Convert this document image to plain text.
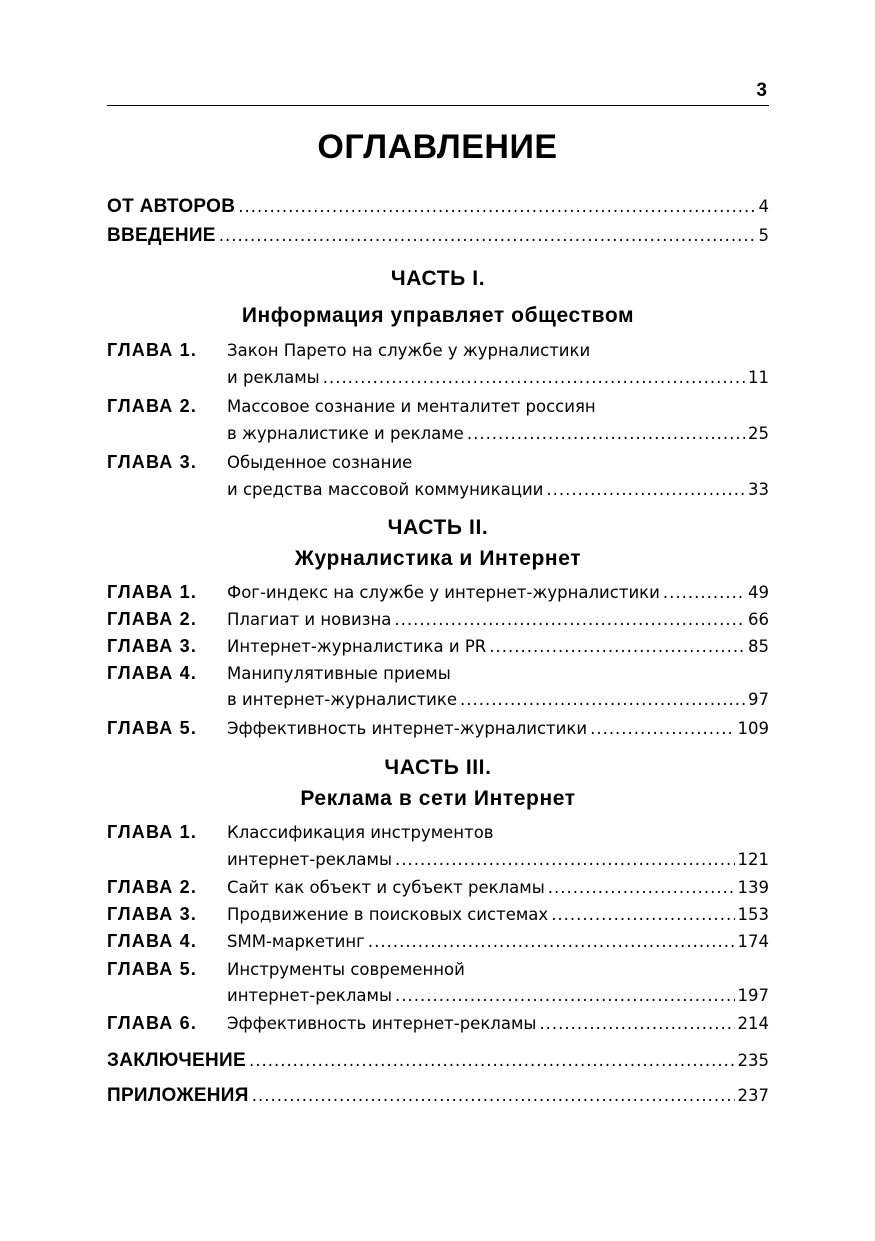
3
ОГЛАВЛЕНИЕ
ОТ АВТОРОВ .....	4
ВВЕДЕНИЕ .....	5
ЧАСТЬ I.
Информация управляет обществом
ГЛАВА 1.	Закон Парето на службе у журналистики
и рекламы .....	11
ГЛАВА 2.	Массовое сознание и менталитет россиян
в журналистике и рекламе .....	25
ГЛАВА 3.	Обыденное сознание
и средства массовой коммуникации .....	33
ЧАСТЬ II.
Журналистика и Интернет
ГЛАВА 1.	Фог-индекс на службе у интернет-журналистики .....	49
ГЛАВА 2.	Плагиат и новизна .....	66
ГЛАВА 3.	Интернет-журналистика и PR .....	85
ГЛАВА 4.	Манипулятивные приемы
в интернет-журналистике .....	97
ГЛАВА 5.	Эффективность интернет-журналистики .....	109
ЧАСТЬ III.
Реклама в сети Интернет
ГЛАВА 1.	Классификация инструментов
интернет-рекламы .....	121
ГЛАВА 2.	Сайт как объект и субъект рекламы .....	139
ГЛАВА 3.	Продвижение в поисковых системах .....	153
ГЛАВА 4.	SMM-маркетинг .....	174
ГЛАВА 5.	Инструменты современной
интернет-рекламы .....	197
ГЛАВА 6.	Эффективность интернет-рекламы .....	214
ЗАКЛЮЧЕНИЕ .....	235
ПРИЛОЖЕНИЯ .....	237
